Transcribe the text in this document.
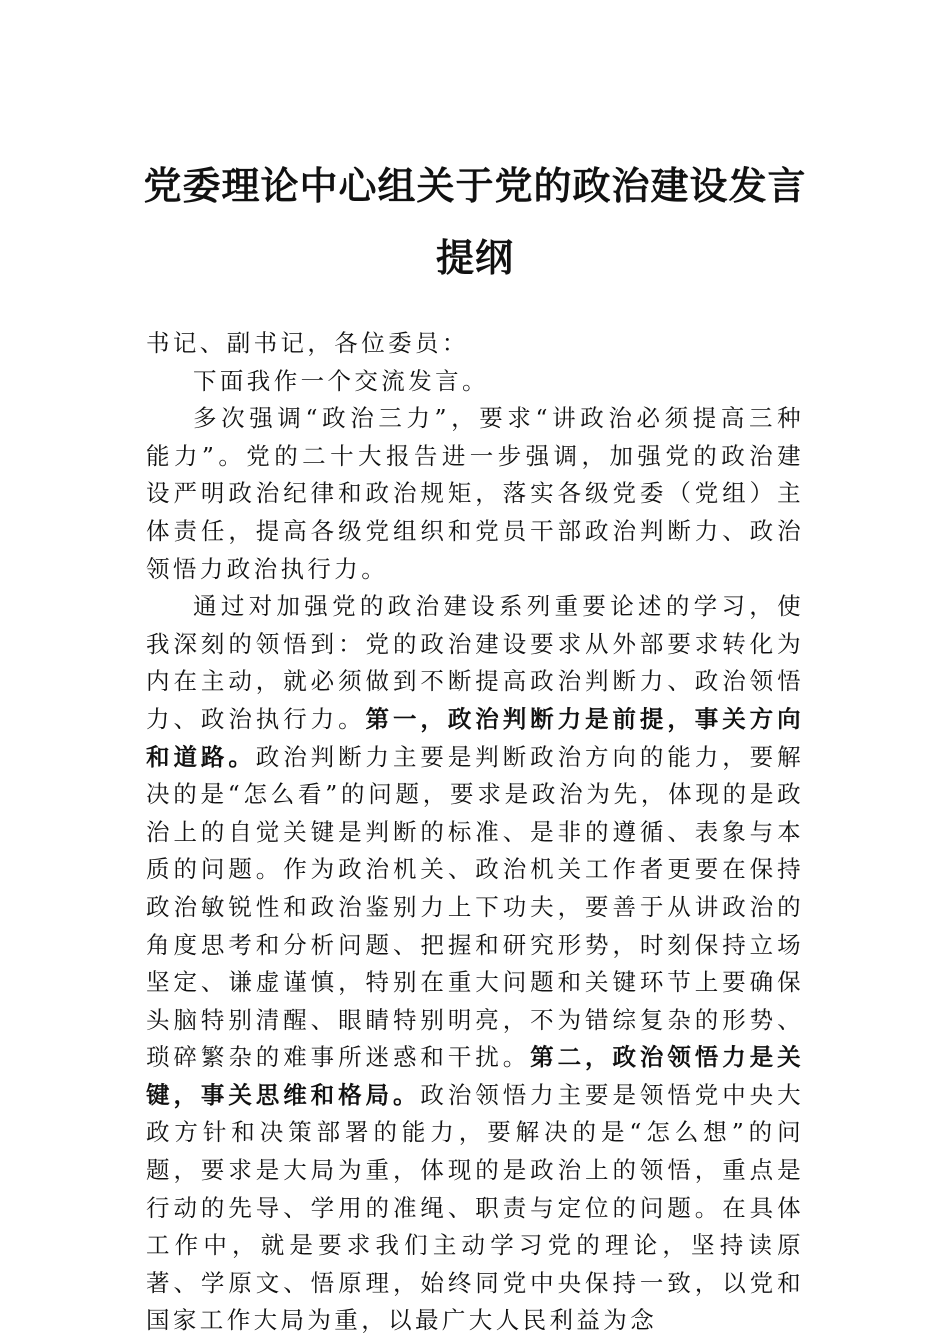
党委理论中心组关于党的政治建设发言提纲

书记、副书记，各位委员：

下面我作一个交流发言。

多次强调“政治三力”，要求“讲政治必须提高三种能力”。党的二十大报告进一步强调，加强党的政治建设严明政治纪律和政治规矩，落实各级党委（党组）主体责任，提高各级党组织和党员干部政治判断力、政治领悟力政治执行力。

通过对加强党的政治建设系列重要论述的学习，使我深刻的领悟到：党的政治建设要求从外部要求转化为内在主动，就必须做到不断提高政治判断力、政治领悟力、政治执行力。第一，政治判断力是前提，事关方向和道路。政治判断力主要是判断政治方向的能力，要解决的是“怎么看”的问题，要求是政治为先，体现的是政治上的自觉关键是判断的标准、是非的遵循、表象与本质的问题。作为政治机关、政治机关工作者更要在保持政治敏锐性和政治鉴别力上下功夫，要善于从讲政治的角度思考和分析问题、把握和研究形势，时刻保持立场坚定、谦虚谨慎，特别在重大问题和关键环节上要确保头脑特别清醒、眼睛特别明亮，不为错综复杂的形势、琐碎繁杂的难事所迷惑和干扰。第二，政治领悟力是关键，事关思维和格局。政治领悟力主要是领悟党中央大政方针和决策部署的能力，要解决的是“怎么想”的问题，要求是大局为重，体现的是政治上的领悟，重点是行动的先导、学用的准绳、职责与定位的问题。在具体工作中，就是要求我们主动学习党的理论，坚持读原著、学原文、悟原理，始终同党中央保持一致，以党和国家工作大局为重，以最广大人民利益为念
